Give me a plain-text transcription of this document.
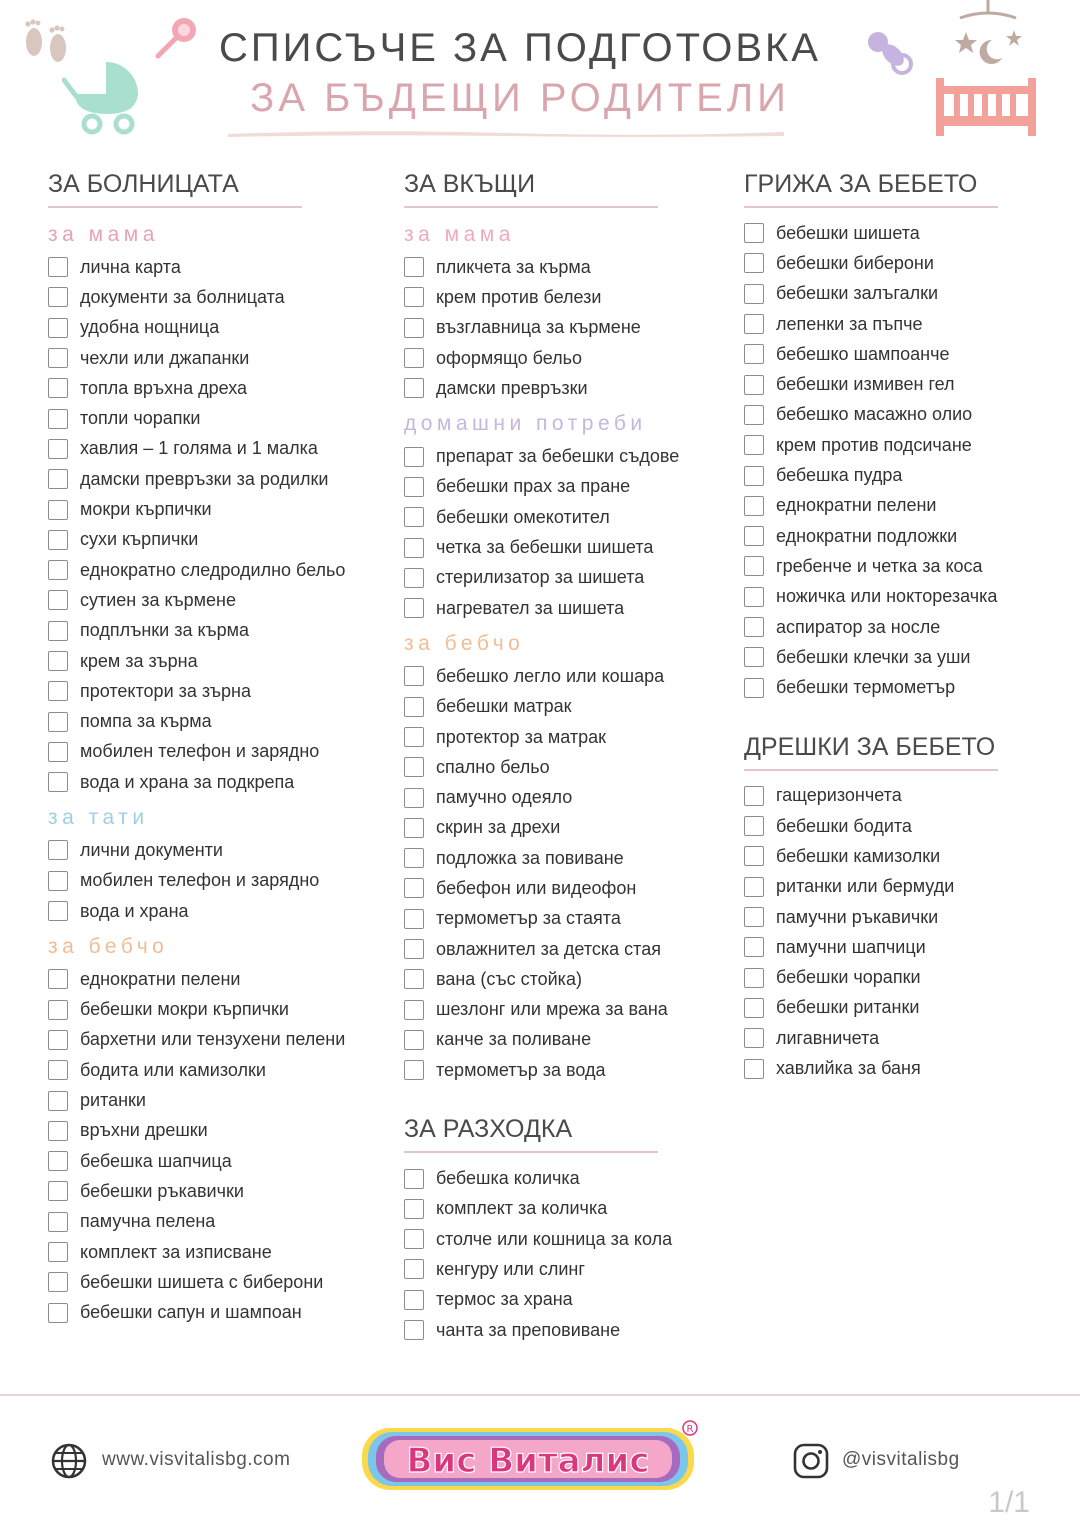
СПИСЪЧЕ ЗА ПОДГОТОВКА
ЗА БЪДЕЩИ РОДИТЕЛИ
ЗА БОЛНИЦАТА
за мама
лична карта
документи за болницата
удобна нощница
чехли или джапанки
топла връхна дреха
топли чорапки
хавлия – 1 голяма и 1 малка
дамски превръзки за родилки
мокри кърпички
сухи кърпички
еднократно следродилно бельо
сутиен за кърмене
подплънки за кърма
крем за зърна
протектори за зърна
помпа за кърма
мобилен телефон и зарядно
вода и храна за подкрепа
за тати
лични документи
мобилен телефон и зарядно
вода и храна
за бебчо
еднократни пелени
бебешки мокри кърпички
бархетни или тензухени пелени
бодита или камизолки
ританки
връхни дрешки
бебешка шапчица
бебешки ръкавички
памучна пелена
комплект за изписване
бебешки шишета с биберони
бебешки сапун и шампоан
ЗА ВКЪЩИ
за мама
пликчета за кърма
крем против белези
възглавница за кърмене
оформящо бельо
дамски превръзки
домашни потреби
препарат за бебешки съдове
бебешки прах за пране
бебешки омекотител
четка за бебешки шишета
стерилизатор за шишета
нагревател за шишета
за бебчо
бебешко легло или кошара
бебешки матрак
протектор за матрак
спално бельо
памучно одеяло
скрин за дрехи
подложка за повиване
бебефон или видеофон
термометър за стаята
овлажнител за детска стая
вана (със стойка)
шезлонг или мрежа за вана
канче за поливане
термометър за вода
ЗА РАЗХОДКА
бебешка количка
комплект за количка
столче или кошница за кола
кенгуру или слинг
термос за храна
чанта за преповиване
ГРИЖА ЗА БЕБЕТО
бебешки шишета
бебешки биберони
бебешки залъгалки
лепенки за пъпче
бебешко шампоанче
бебешки измивен гел
бебешко масажно олио
крем против подсичане
бебешка пудра
еднократни пелени
еднократни подложки
гребенче и четка за коса
ножичка или нокторезачка
аспиратор за носле
бебешки клечки за уши
бебешки термометър
ДРЕШКИ ЗА БЕБЕТО
гащеризончета
бебешки бодита
бебешки камизолки
ританки или бермуди
памучни ръкавички
памучни шапчици
бебешки чорапки
бебешки ританки
лигавничета
хавлийка за баня
www.visvitalisbg.com	Вис Виталис
R
@visvitalisbg
1/1
